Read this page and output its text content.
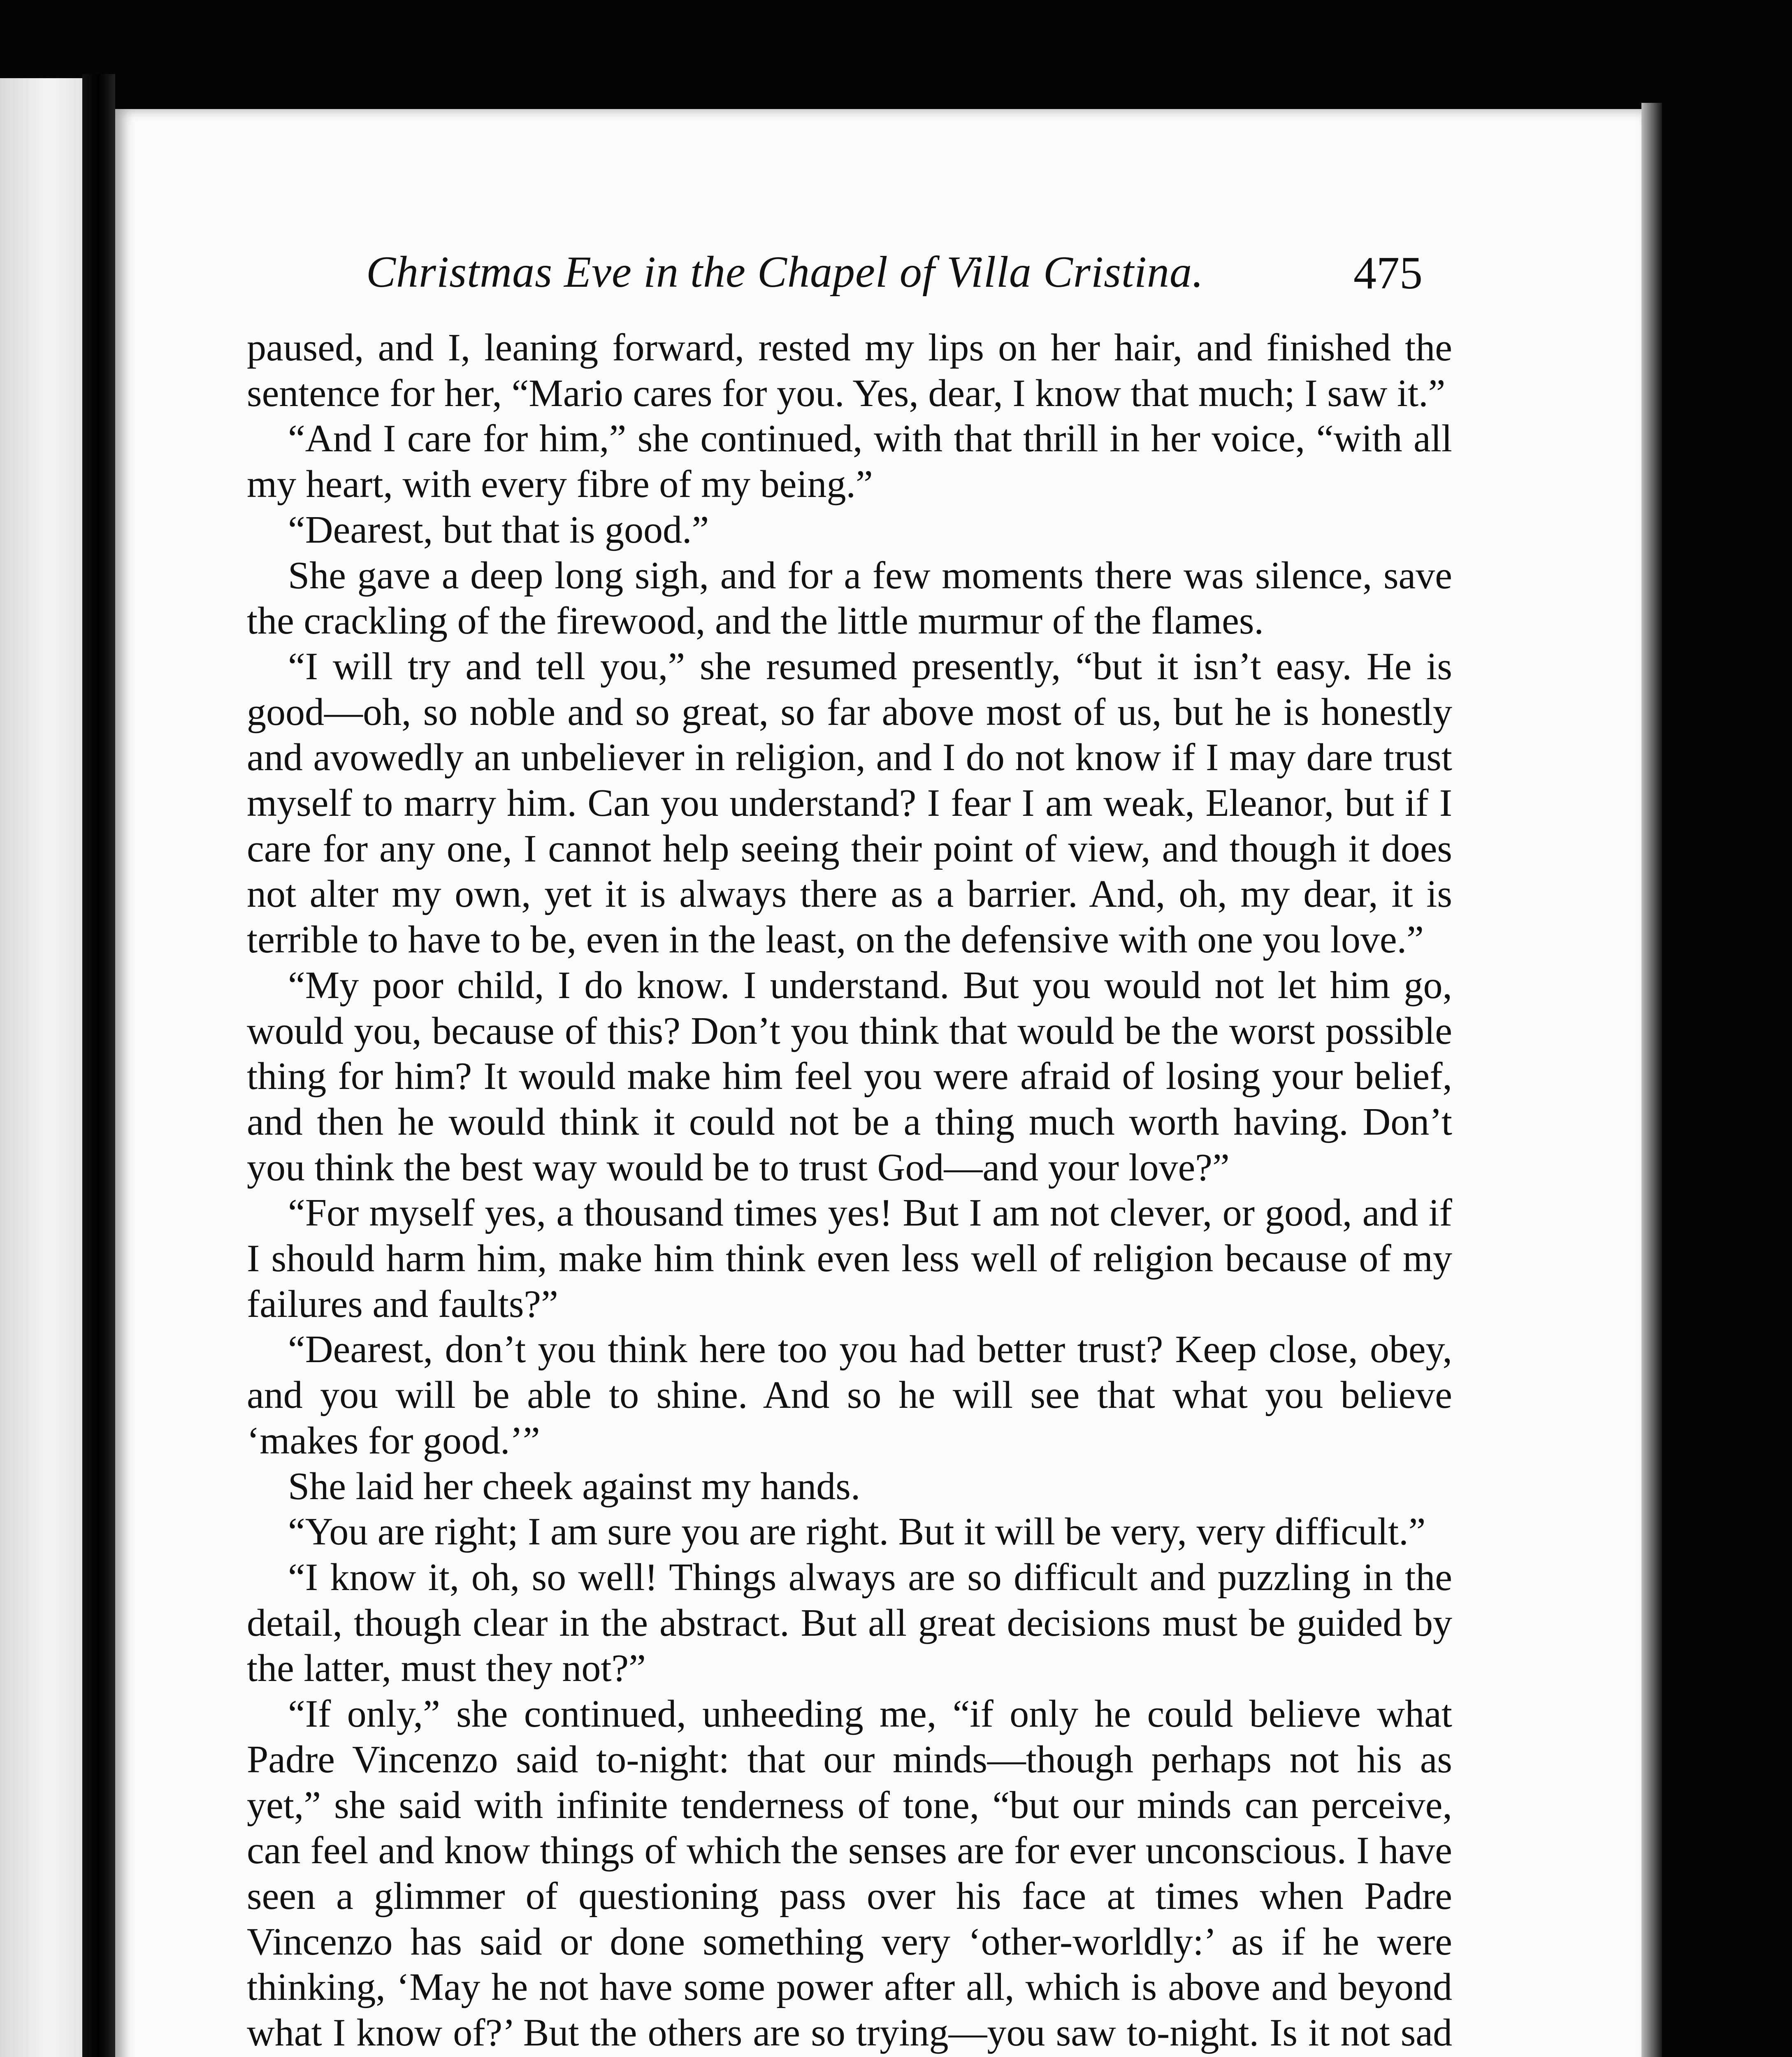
Christmas Eve in the Chapel of Villa Cristina.	475

paused, and I, leaning forward, rested my lips on her hair, and finished the sentence for her, “Mario cares for you. Yes, dear, I know that much; I saw it.”

“And I care for him,” she continued, with that thrill in her voice, “with all my heart, with every fibre of my being.”

“Dearest, but that is good.”

She gave a deep long sigh, and for a few moments there was silence, save the crackling of the firewood, and the little murmur of the flames.

“I will try and tell you,” she resumed presently, “but it isn’t easy. He is good—oh, so noble and so great, so far above most of us, but he is honestly and avowedly an unbeliever in religion, and I do not know if I may dare trust myself to marry him. Can you understand? I fear I am weak, Eleanor, but if I care for any one, I cannot help seeing their point of view, and though it does not alter my own, yet it is always there as a barrier. And, oh, my dear, it is terrible to have to be, even in the least, on the defensive with one you love.”

“My poor child, I do know. I understand. But you would not let him go, would you, because of this? Don’t you think that would be the worst possible thing for him? It would make him feel you were afraid of losing your belief, and then he would think it could not be a thing much worth having. Don’t you think the best way would be to trust God—and your love?”

“For myself yes, a thousand times yes! But I am not clever, or good, and if I should harm him, make him think even less well of religion because of my failures and faults?”

“Dearest, don’t you think here too you had better trust? Keep close, obey, and you will be able to shine. And so he will see that what you believe ‘makes for good.’”

She laid her cheek against my hands.

“You are right; I am sure you are right. But it will be very, very difficult.”

“I know it, oh, so well! Things always are so difficult and puzzling in the detail, though clear in the abstract. But all great decisions must be guided by the latter, must they not?”

“If only,” she continued, unheeding me, “if only he could believe what Padre Vincenzo said to-night: that our minds—though perhaps not his as yet,” she said with infinite tenderness of tone, “but our minds can perceive, can feel and know things of which the senses are for ever unconscious. I have seen a glimmer of questioning pass over his face at times when Padre Vincenzo has said or done something very ‘other-worldly:’ as if he were thinking, ‘May he not have some power after all, which is above and beyond what I know of?’ But the others are so trying—you saw to-night. Is it not sad
